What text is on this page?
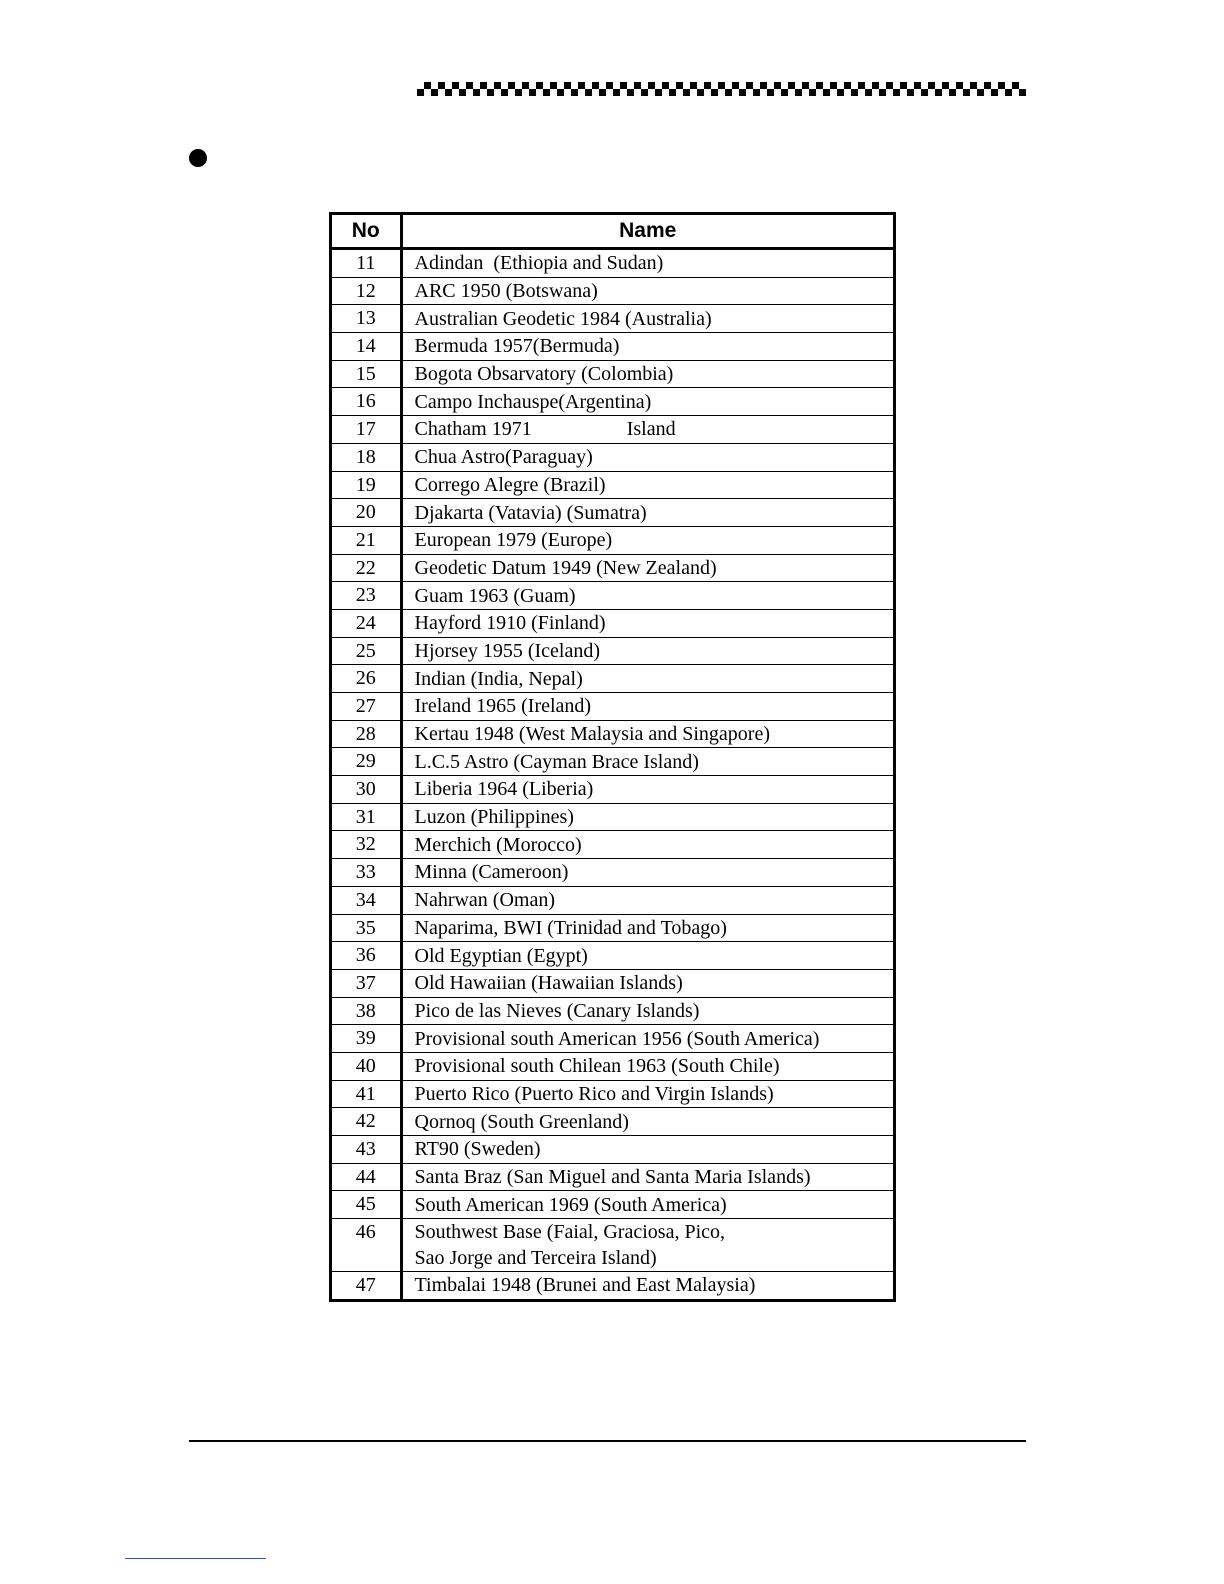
No	Name
11	Adindan  (Ethiopia and Sudan)
12	ARC 1950 (Botswana)
13	Australian Geodetic 1984 (Australia)
14	Bermuda 1957(Bermuda)
15	Bogota Obsarvatory (Colombia)
16	Campo Inchauspe(Argentina)
17	Chatham 1971                   Island
18	Chua Astro(Paraguay)
19	Corrego Alegre (Brazil)
20	Djakarta (Vatavia) (Sumatra)
21	European 1979 (Europe)
22	Geodetic Datum 1949 (New Zealand)
23	Guam 1963 (Guam)
24	Hayford 1910 (Finland)
25	Hjorsey 1955 (Iceland)
26	Indian (India, Nepal)
27	Ireland 1965 (Ireland)
28	Kertau 1948 (West Malaysia and Singapore)
29	L.C.5 Astro (Cayman Brace Island)
30	Liberia 1964 (Liberia)
31	Luzon (Philippines)
32	Merchich (Morocco)
33	Minna (Cameroon)
34	Nahrwan (Oman)
35	Naparima, BWI (Trinidad and Tobago)
36	Old Egyptian (Egypt)
37	Old Hawaiian (Hawaiian Islands)
38	Pico de las Nieves (Canary Islands)
39	Provisional south American 1956 (South America)
40	Provisional south Chilean 1963 (South Chile)
41	Puerto Rico (Puerto Rico and Virgin Islands)
42	Qornoq (South Greenland)
43	RT90 (Sweden)
44	Santa Braz (San Miguel and Santa Maria Islands)
45	South American 1969 (South America)
46	Southwest Base (Faial, Graciosa, Pico,
Sao Jorge and Terceira Island)
47	Timbalai 1948 (Brunei and East Malaysia)
